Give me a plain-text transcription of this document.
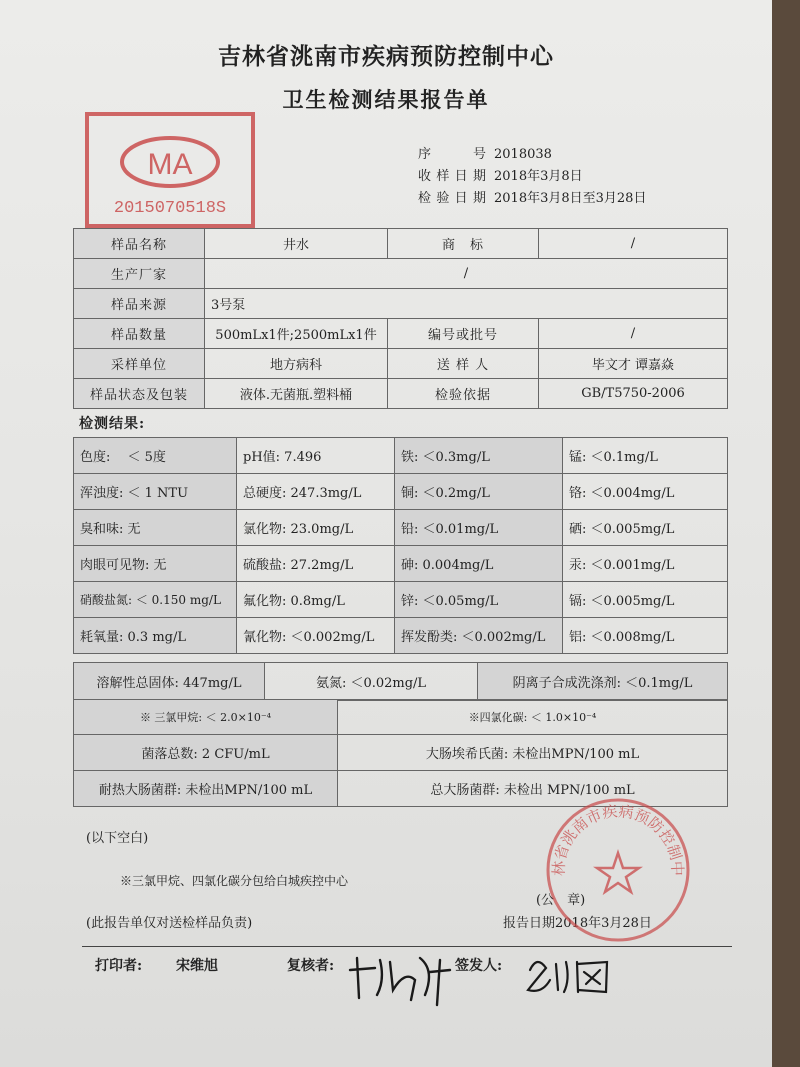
吉林省洮南市疾病预防控制中心
卫生检测结果报告单
MA
2015070518S
序　　号 2018038
收样日期 2018年3月8日
检验日期 2018年3月8日至3月28日
样品名称	井水	商　标	/
生产厂家	/		
样品来源	3号泵		
样品数量	500mLx1件;2500mLx1件	编号或批号	/
采样单位	地方病科	送 样 人	毕文才 谭嘉焱
样品状态及包装	液体.无菌瓶.塑料桶	检验依据	GB/T5750-2006
检测结果:
色度:　 ＜ 5度	pH值: 7.496	铁: ＜0.3mg/L	锰: ＜0.1mg/L
浑浊度: ＜ 1 NTU	总硬度: 247.3mg/L	铜: ＜0.2mg/L	铬: ＜0.004mg/L
臭和味: 无	氯化物: 23.0mg/L	铅: ＜0.01mg/L	硒: ＜0.005mg/L
肉眼可见物: 无	硫酸盐: 27.2mg/L	砷: 0.004mg/L	汞: ＜0.001mg/L
硝酸盐氮: ＜ 0.150 mg/L	氟化物: 0.8mg/L	锌: ＜0.05mg/L	镉: ＜0.005mg/L
耗氧量: 0.3 mg/L	氰化物: ＜0.002mg/L	挥发酚类: ＜0.002mg/L	铝: ＜0.008mg/L
溶解性总固体: 447mg/L	氨氮: ＜0.02mg/L	阴离子合成洗涤剂: ＜0.1mg/L
※ 三氯甲烷: ＜ 2.0×10⁻⁴	※四氯化碳: ＜ 1.0×10⁻⁴
菌落总数: 2 CFU/mL	大肠埃希氏菌: 未检出MPN/100 mL
耐热大肠菌群: 未检出MPN/100 mL	总大肠菌群: 未检出 MPN/100 mL
(以下空白)
※三氯甲烷、四氯化碳分包给白城疾控中心
(公　章)
(此报告单仅对送检样品负责)	报告日期2018年3月28日
打印者: 宋维旭	复核者:	签发人:
林省洮南市疾病预防控制中
